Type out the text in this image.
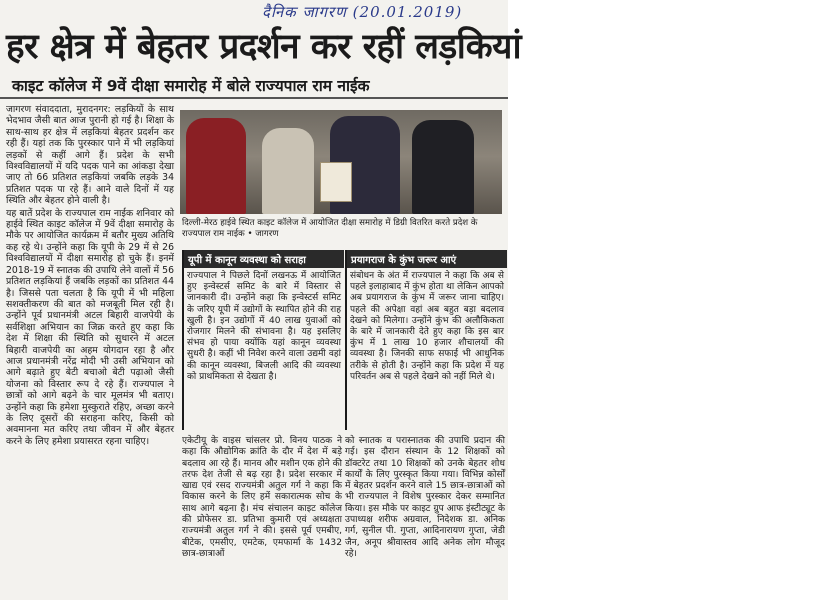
दैनिक जागरण (20.01.2019)
हर क्षेत्र में बेहतर प्रदर्शन कर रहीं लड़कियां
काइट कॉलेज में 9वें दीक्षा समारोह में बोले राज्यपाल राम नाईक

जागरण संवाददाता, मुरादनगर: लड़कियों के साथ भेदभाव जैसी बात आज पुरानी हो गई है। शिक्षा के साथ-साथ हर क्षेत्र में लड़कियां बेहतर प्रदर्शन कर रही हैं। यहां तक कि पुरस्कार पाने में भी लड़कियां लड़कों से कहीं आगे हैं। प्रदेश के सभी विश्वविद्यालयों में यदि पदक पाने का आंकड़ा देखा जाए तो 66 प्रतिशत लड़कियां जबकि लड़के 34 प्रतिशत पदक पा रहे हैं। आने वाले दिनों में यह स्थिति और बेहतर होने वाली है।

यह बातें प्रदेश के राज्यपाल राम नाईक शनिवार को हाईवे स्थित काइट कॉलेज में 9वें दीक्षा समारोह के मौके पर आयोजित कार्यक्रम में बतौर मुख्य अतिथि कह रहे थे। उन्होंने कहा कि यूपी के 29 में से 26 विश्वविद्यालयों में दीक्षा समारोह हो चुके हैं। इनमें 2018-19 में स्नातक की उपाधि लेने वालों में 56 प्रतिशत लड़कियां हैं जबकि लड़कों का प्रतिशत 44 है। जिससे पता चलता है कि यूपी में भी महिला सशक्तीकरण की बात को मजबूती मिल रही है। उन्होंने पूर्व प्रधानमंत्री अटल बिहारी वाजपेयी के सर्वशिक्षा अभियान का जिक्र करते हुए कहा कि देश में शिक्षा की स्थिति को सुधारने में अटल बिहारी वाजपेयी का अहम योगदान रहा है और आज प्रधानमंत्री नरेंद्र मोदी भी उसी अभियान को आगे बढ़ाते हुए बेटी बचाओ बेटी पढ़ाओ जैसी योजना को विस्तार रूप दे रहे हैं। राज्यपाल ने छात्रों को आगे बढ़ने के चार मूलमंत्र भी बताए। उन्होंने कहा कि हमेशा मुस्कुराते रहिए, अच्छा करने के लिए दूसरों की सराहना करिए, किसी को अवमानना मत करिए तथा जीवन में और बेहतर करने के लिए हमेशा प्रयासरत रहना चाहिए।

दिल्ली-मेरठ हाईवे स्थित काइट कॉलेज में आयोजित दीक्षा समारोह में डिग्री वितरित करते प्रदेश के राज्यपाल राम नाईक • जागरण
यूपी में कानून व्यवस्था को सराहा
राज्यपाल ने पिछले दिनों लखनऊ में आयोजित हुए इन्वेस्टर्स समिट के बारे में विस्तार से जानकारी दी। उन्होंने कहा कि इन्वेस्टर्स समिट के जरिए यूपी में उद्योगों के स्थापित होने की राह खुली है। इन उद्योगों में 40 लाख युवाओं को रोजगार मिलने की संभावना है। यह इसलिए संभव हो पाया क्योंकि यहां कानून व्यवस्था सुधरी है। कहीं भी निवेश करने वाला उद्यमी वहां की कानून व्यवस्था, बिजली आदि की व्यवस्था को प्राथमिकता से देखता है।
प्रयागराज के कुंभ जरूर आएं
संबोधन के अंत में राज्यपाल ने कहा कि अब से पहले इलाहाबाद में कुंभ होता था लेकिन आपको अब प्रयागराज के कुंभ में जरूर जाना चाहिए। पहले की अपेक्षा वहां अब बहुत बड़ा बदलाव देखने को मिलेगा। उन्होंने कुंभ की अलौकिकता के बारे में जानकारी देते हुए कहा कि इस बार कुंभ में 1 लाख 10 हजार शौचालयों की व्यवस्था है। जिनकी साफ सफाई भी आधुनिक तरीके से होती है। उन्होंने कहा कि प्रदेश में यह परिवर्तन अब से पहले देखने को नहीं मिले थे।
एकेटीयू के वाइस चांसलर प्रो. विनय पाठक ने कहा कि औद्योगिक क्रांति के दौर में देश में बड़े बदलाव आ रहे हैं। मानव और मशीन एक होने की तरफ देश तेजी से बढ़ रहा है। प्रदेश सरकार में खाद्य एवं रसद राज्यमंत्री अतुल गर्ग ने कहा कि विकास करने के लिए हमें सकारात्मक सोच के साथ आगे बढ़ना है। मंच संचालन काइट कॉलेज की प्रोफेसर डा. प्रतिभा कुमारी एवं अध्यक्षता राज्यमंत्री अतुल गर्ग ने की। इससे पूर्व एमबीए, बीटेक, एमसीए, एमटेक, एमफार्मा के 1432 छात्र-छात्राओं
को स्नातक व परास्नातक की उपाधि प्रदान की गई। इस दौरान संस्थान के 12 शिक्षकों को डॉक्टरेट तथा 10 शिक्षकों को उनके बेहतर शोध कार्यों के लिए पुरस्कृत किया गया। विभिन्न कोर्सों में बेहतर प्रदर्शन करने वाले 15 छात्र-छात्राओं को भी राज्यपाल ने विशेष पुरस्कार देकर सम्मानित किया। इस मौके पर काइट ग्रुप आफ इंस्टीट्यूट के उपाध्यक्ष शरीफ अग्रवाल, निदेशक डा. अनिक गर्ग, सुनील पी. गुप्ता, आदिनारायण गुप्ता, जेडी जैन, अनूप श्रीवास्तव आदि अनेक लोग मौजूद रहे।
